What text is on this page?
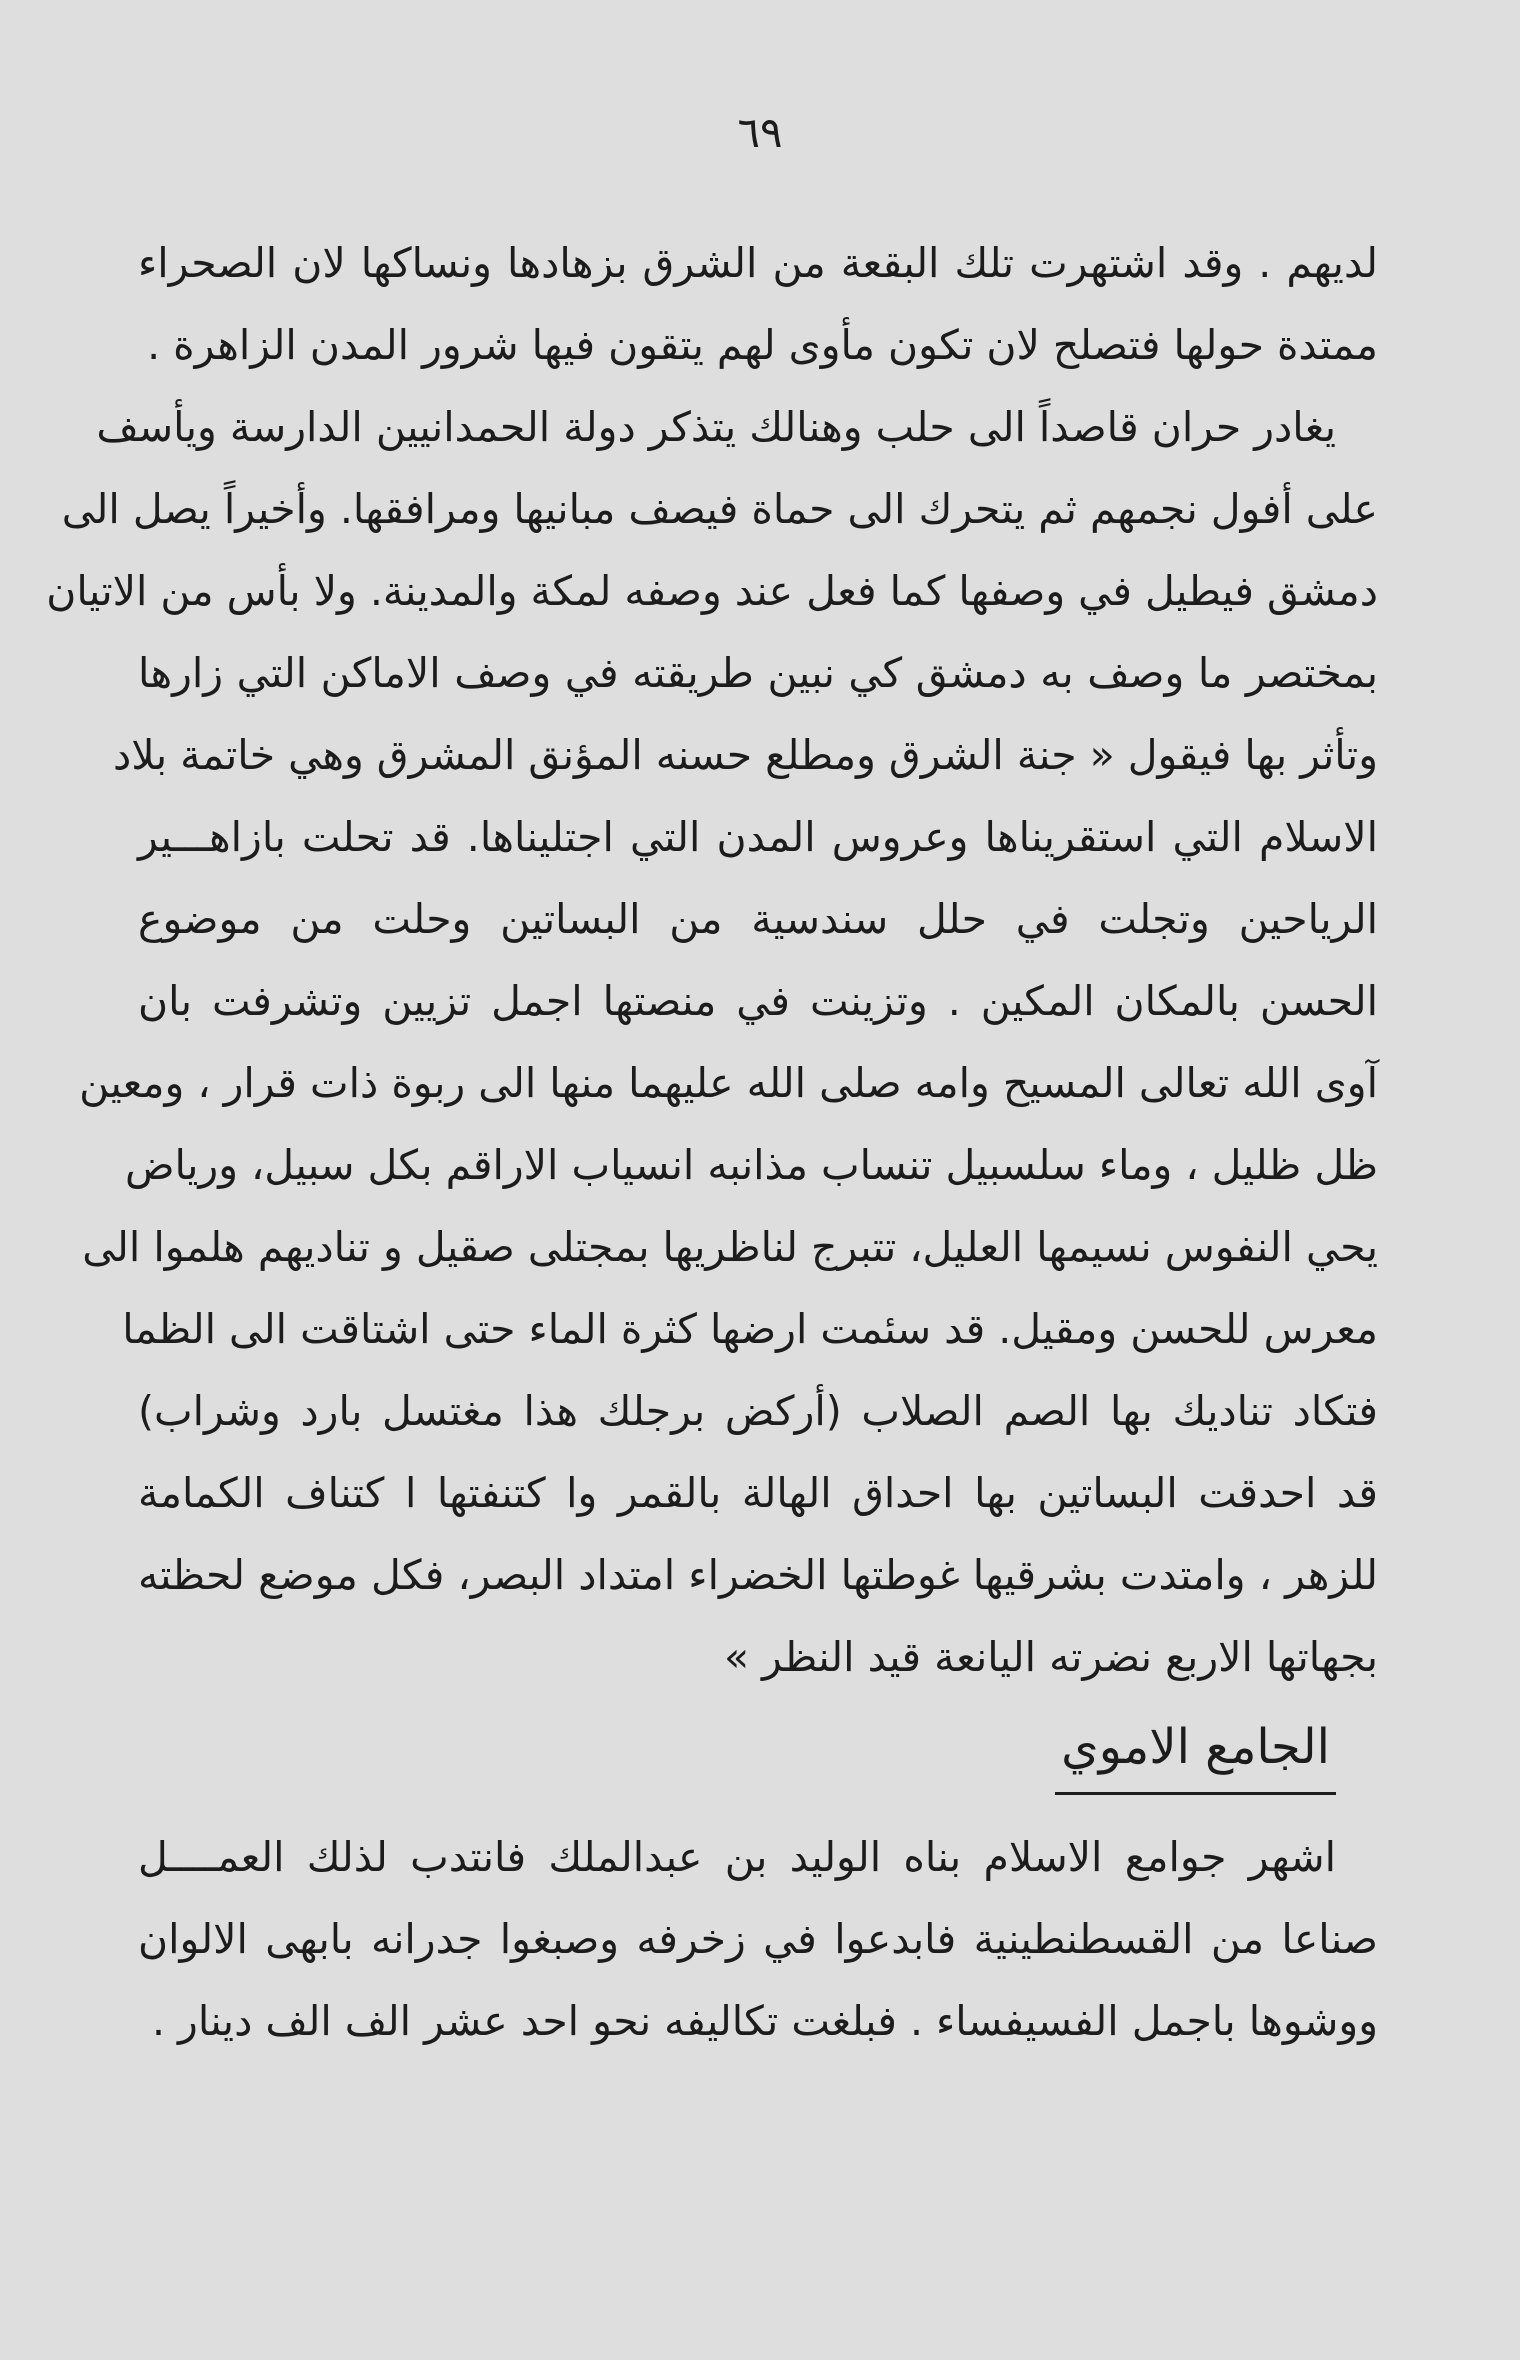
٦٩
لديهم . وقد اشتهرت تلك البقعة من الشرق بزهادها ونساكها لان الصحراء
ممتدة حولها فتصلح لان تكون مأوى لهم يتقون فيها شرور المدن الزاهرة .
يغادر حران قاصداً الى حلب وهنالك يتذكر دولة الحمدانيين الدارسة ويأسف
على أفول نجمهم ثم يتحرك الى حماة فيصف مبانيها ومرافقها. وأخيراً يصل الى
دمشق فيطيل في وصفها كما فعل عند وصفه لمكة والمدينة. ولا بأس من الاتيان
بمختصر ما وصف به دمشق كي نبين طريقته في وصف الاماكن التي زارها
وتأثر بها فيقول « جنة الشرق ومطلع حسنه المؤنق المشرق وهي خاتمة بلاد
الاسلام التي استقريناها وعروس المدن التي اجتليناها. قد تحلت بازاهـــير
الرياحين وتجلت في حلل سندسية من البساتين وحلت من موضوع
الحسن بالمكان المكين . وتزينت في منصتها اجمل تزيين وتشرفت بان
آوى الله تعالى المسيح وامه صلى الله عليهما منها الى ربوة ذات قرار ، ومعين
ظل ظليل ، وماء سلسبيل تنساب مذانبه انسياب الاراقم بكل سبيل، ورياض
يحي النفوس نسيمها العليل، تتبرج لناظريها بمجتلى صقيل و تناديهم هلموا الى
معرس للحسن ومقيل. قد سئمت ارضها كثرة الماء حتى اشتاقت الى الظما
فتكاد تناديك بها الصم الصلاب (أركض برجلك هذا مغتسل بارد وشراب)
قد احدقت البساتين بها احداق الهالة بالقمر وا كتنفتها ا كتناف الكمامة
للزهر ، وامتدت بشرقيها غوطتها الخضراء امتداد البصر، فكل موضع لحظته
بجهاتها الاربع نضرته اليانعة قيد النظر »
الجامع الاموي
اشهر جوامع الاسلام بناه الوليد بن عبدالملك فانتدب لذلك العمــــل
صناعا من القسطنطينية فابدعوا في زخرفه وصبغوا جدرانه بابهى الالوان
ووشوها باجمل الفسيفساء . فبلغت تكاليفه نحو احد عشر الف الف دينار .
